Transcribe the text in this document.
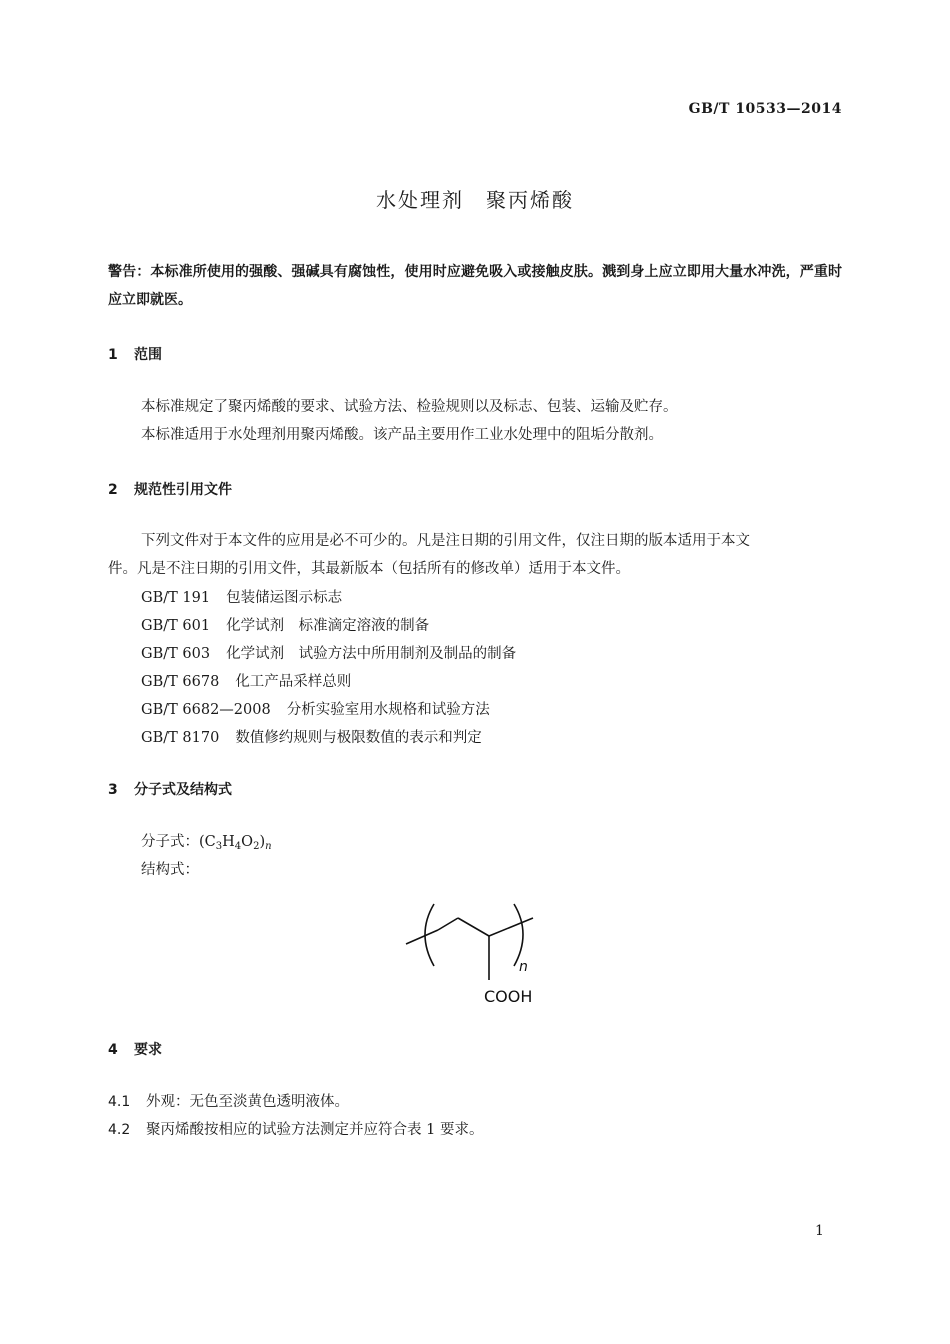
GB/T 10533—2014
水处理剂　聚丙烯酸
警告：本标准所使用的强酸、强碱具有腐蚀性，使用时应避免吸入或接触皮肤。溅到身上应立即用大量水冲洗，严重时应立即就医。
1 范围
本标准规定了聚丙烯酸的要求、试验方法、检验规则以及标志、包装、运输及贮存。
本标准适用于水处理剂用聚丙烯酸。该产品主要用作工业水处理中的阻垢分散剂。
2 规范性引用文件
下列文件对于本文件的应用是必不可少的。凡是注日期的引用文件，仅注日期的版本适用于本文
件。凡是不注日期的引用文件，其最新版本（包括所有的修改单）适用于本文件。
GB/T 191 包装储运图示标志
GB/T 601 化学试剂　标准滴定溶液的制备
GB/T 603 化学试剂　试验方法中所用制剂及制品的制备
GB/T 6678 化工产品采样总则
GB/T 6682—2008 分析实验室用水规格和试验方法
GB/T 8170 数值修约规则与极限数值的表示和判定
3 分子式及结构式
分子式：$(C_3H_4O_2)_n$
结构式：
n
COOH
4 要求
4.1 外观：无色至淡黄色透明液体。
4.2 聚丙烯酸按相应的试验方法测定并应符合表 1 要求。
1
